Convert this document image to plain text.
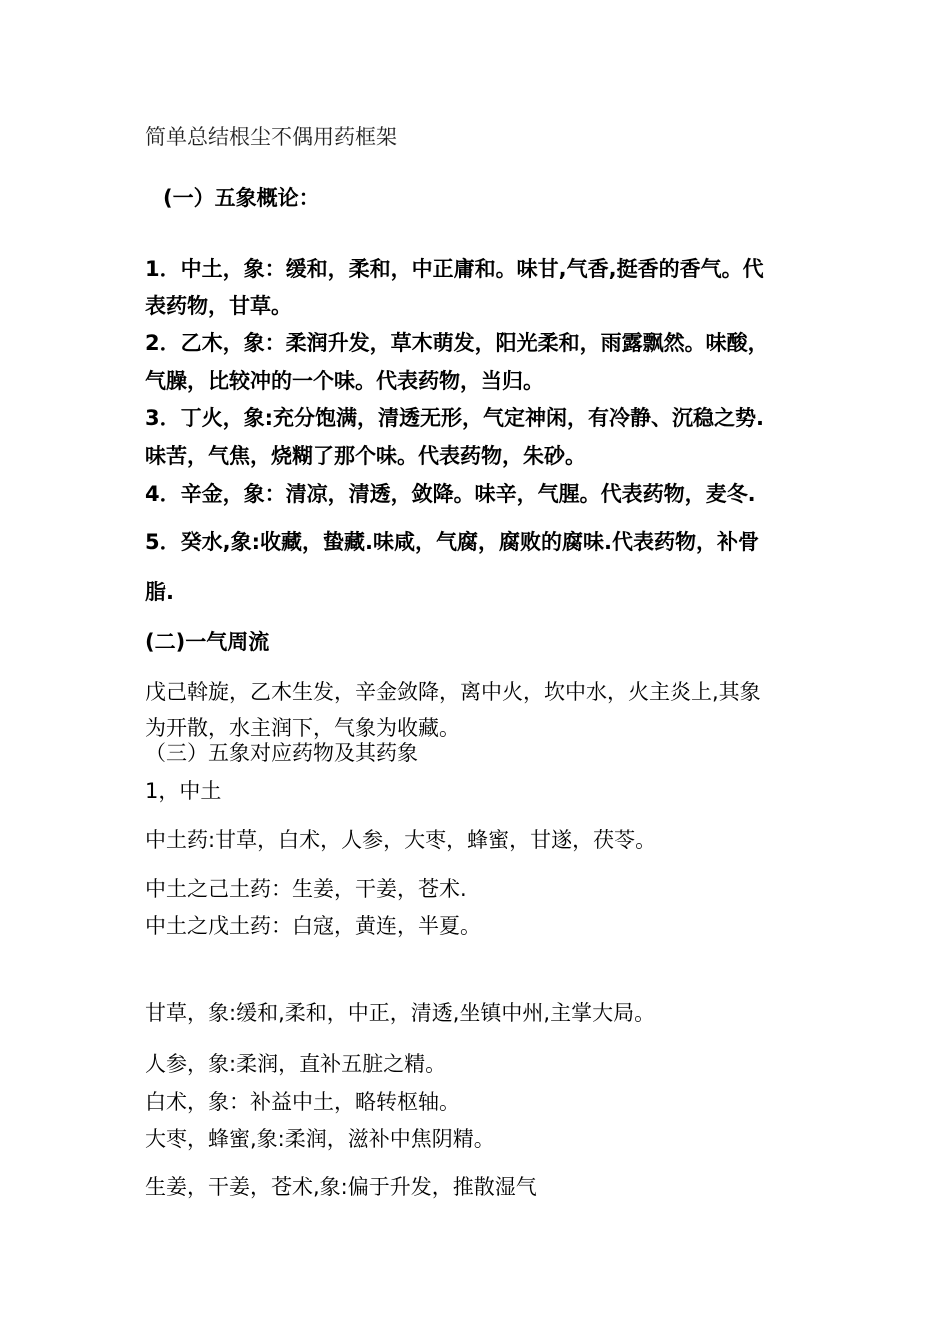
简单总结根尘不偶用药框架
(一）五象概论：
1．中土，象：缓和，柔和，中正庸和。味甘,气香,挺香的香气。代
表药物，甘草。
2．乙木，象：柔润升发，草木萌发，阳光柔和，雨露飘然。味酸，
气臊，比较冲的一个味。代表药物，当归。
3．丁火，象:充分饱满，清透无形，气定神闲，有冷静、沉稳之势.
味苦，气焦，烧糊了那个味。代表药物，朱砂。
4．辛金，象：清凉，清透，敛降。味辛，气腥。代表药物，麦冬.
5．癸水,象:收藏，蛰藏.味咸，气腐，腐败的腐味.代表药物，补骨
脂.
(二)一气周流
戊己斡旋，乙木生发，辛金敛降，离中火，坎中水，火主炎上,其象
为开散，水主润下，气象为收藏。
（三）五象对应药物及其药象
1，中土
中土药:甘草，白术，人参，大枣，蜂蜜，甘遂，茯苓。
中土之己土药：生姜，干姜，苍术.
中土之戊土药：白寇，黄连，半夏。
甘草，象:缓和,柔和，中正，清透,坐镇中州,主掌大局。
人参，象:柔润，直补五脏之精。
白术，象：补益中土，略转枢轴。
大枣，蜂蜜,象:柔润，滋补中焦阴精。
生姜，干姜，苍术,象:偏于升发，推散湿气
